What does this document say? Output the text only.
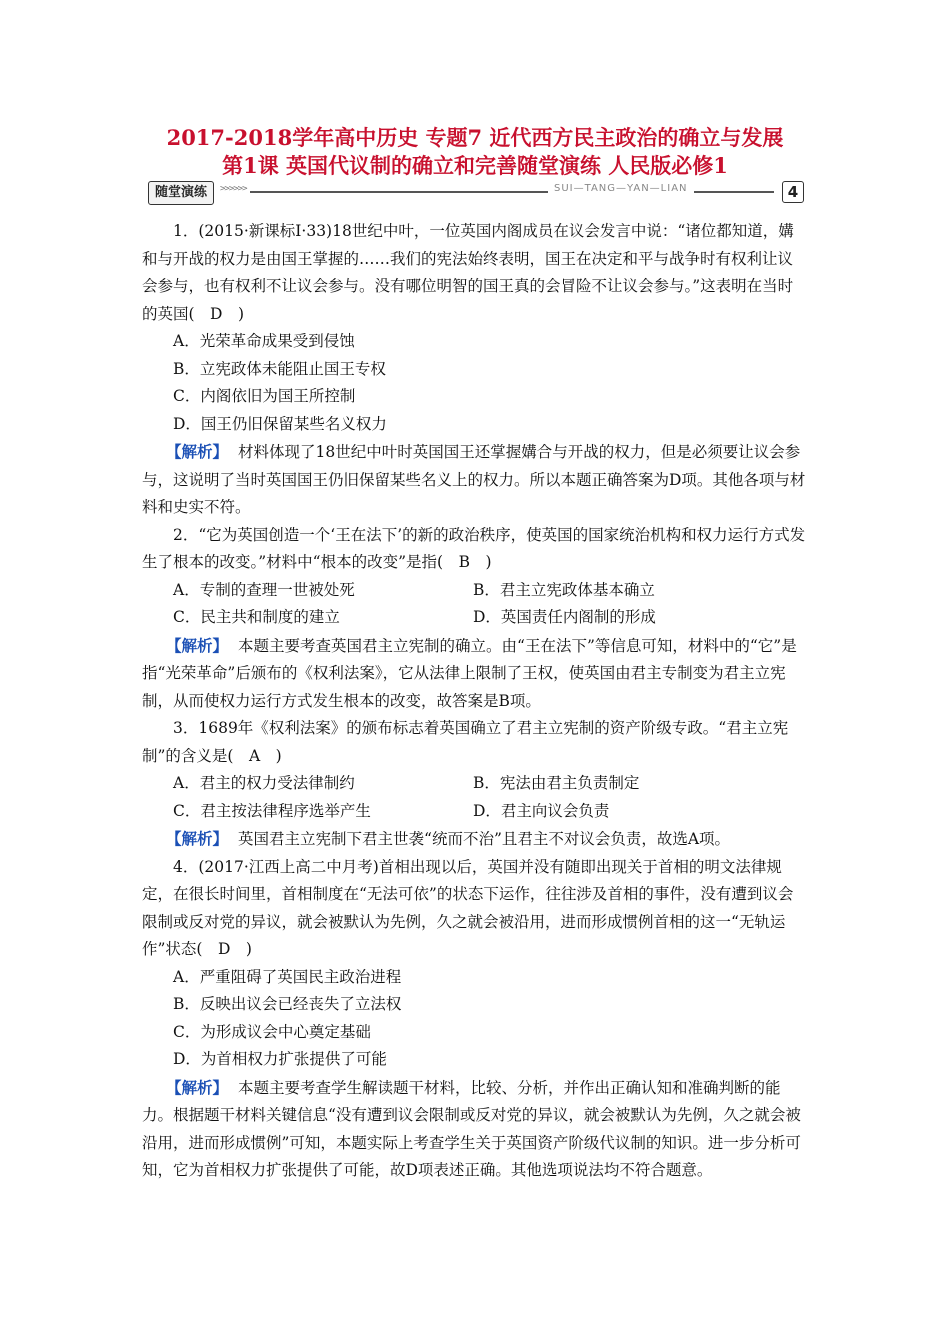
2017-2018学年高中历史 专题7 近代西方民主政治的确立与发展
第1课 英国代议制的确立和完善随堂演练 人民版必修1
随堂演练	>>>>>>	SUI—TANG—YAN—LIAN	4

1．(2015·新课标Ⅰ·33)18世纪中叶，一位英国内阁成员在议会发言中说：“诸位都知道，媾和与开战的权力是由国王掌握的……我们的宪法始终表明，国王在决定和平与战争时有权利让议会参与，也有权利不让议会参与。没有哪位明智的国王真的会冒险不让议会参与。”这表明在当时的英国(　D　)

A．光荣革命成果受到侵蚀

B．立宪政体未能阻止国王专权

C．内阁依旧为国王所控制

D．国王仍旧保留某些名义权力

【解析】 材料体现了18世纪中叶时英国国王还掌握媾合与开战的权力，但是必须要让议会参与，这说明了当时英国国王仍旧保留某些名义上的权力。所以本题正确答案为D项。其他各项与材料和史实不符。

2．“它为英国创造一个‘王在法下’的新的政治秩序，使英国的国家统治机构和权力运行方式发生了根本的改变。”材料中“根本的改变”是指(　B　)

A．专制的查理一世被处死	B．君主立宪政体基本确立
C．民主共和制度的建立	D．英国责任内阁制的形成

【解析】 本题主要考查英国君主立宪制的确立。由“王在法下”等信息可知，材料中的“它”是指“光荣革命”后颁布的《权利法案》，它从法律上限制了王权，使英国由君主专制变为君主立宪制，从而使权力运行方式发生根本的改变，故答案是B项。

3．1689年《权利法案》的颁布标志着英国确立了君主立宪制的资产阶级专政。“君主立宪制”的含义是(　A　)

A．君主的权力受法律制约	B．宪法由君主负责制定
C．君主按法律程序选举产生	D．君主向议会负责

【解析】 英国君主立宪制下君主世袭“统而不治”且君主不对议会负责，故选A项。

4．(2017·江西上高二中月考)首相出现以后，英国并没有随即出现关于首相的明文法律规定，在很长时间里，首相制度在“无法可依”的状态下运作，往往涉及首相的事件，没有遭到议会限制或反对党的异议，就会被默认为先例，久之就会被沿用，进而形成惯例首相的这一“无轨运作”状态(　D　)

A．严重阻碍了英国民主政治进程

B．反映出议会已经丧失了立法权

C．为形成议会中心奠定基础

D．为首相权力扩张提供了可能

【解析】 本题主要考查学生解读题干材料，比较、分析，并作出正确认知和准确判断的能力。根据题干材料关键信息“没有遭到议会限制或反对党的异议，就会被默认为先例，久之就会被沿用，进而形成惯例”可知，本题实际上考查学生关于英国资产阶级代议制的知识。进一步分析可知，它为首相权力扩张提供了可能，故D项表述正确。其他选项说法均不符合题意。
